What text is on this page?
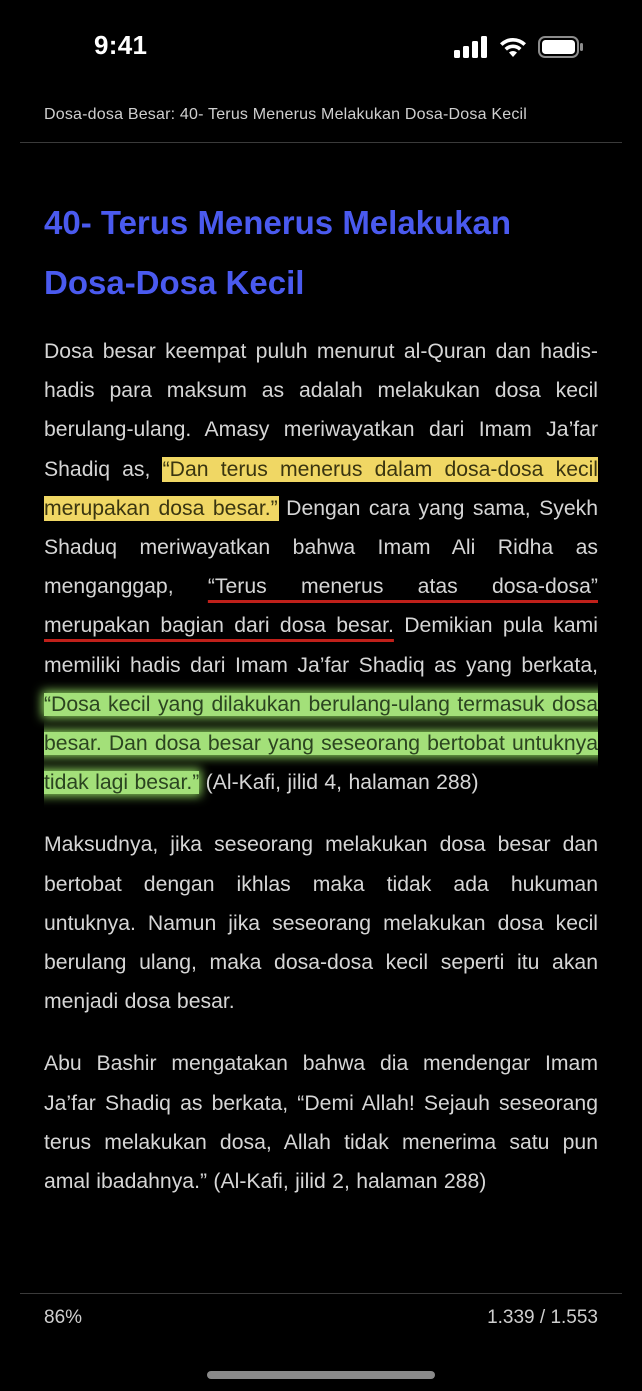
9:41
Dosa-dosa Besar: 40- Terus Menerus Melakukan Dosa-Dosa Kecil
40- Terus Menerus Melakukan Dosa-Dosa Kecil

Dosa besar keempat puluh menurut al-Quran dan hadis-hadis para maksum as adalah melakukan dosa kecil berulang-ulang. Amasy meriwayatkan dari Imam Ja’far Shadiq as, “Dan terus menerus dalam dosa-dosa kecil merupakan dosa besar.” Dengan cara yang sama, Syekh Shaduq meriwayatkan bahwa Imam Ali Ridha as menganggap, “Terus menerus atas dosa-dosa” merupakan bagian dari dosa besar. Demikian pula kami memiliki hadis dari Imam Ja’far Shadiq as yang berkata, “Dosa kecil yang dilakukan berulang-ulang termasuk dosa besar. Dan dosa besar yang seseorang bertobat untuknya tidak lagi besar.” (Al-Kafi, jilid 4, halaman 288)

Maksudnya, jika seseorang melakukan dosa besar dan bertobat dengan ikhlas maka tidak ada hukuman untuknya. Namun jika seseorang melakukan dosa kecil berulang ulang, maka dosa-dosa kecil seperti itu akan menjadi dosa besar.

Abu Bashir mengatakan bahwa dia mendengar Imam Ja’far Shadiq as berkata, “Demi Allah! Sejauh seseorang terus melakukan dosa, Allah tidak menerima satu pun amal ibadahnya.” (Al-Kafi, jilid 2, halaman 288)

86%	1.339 / 1.553
